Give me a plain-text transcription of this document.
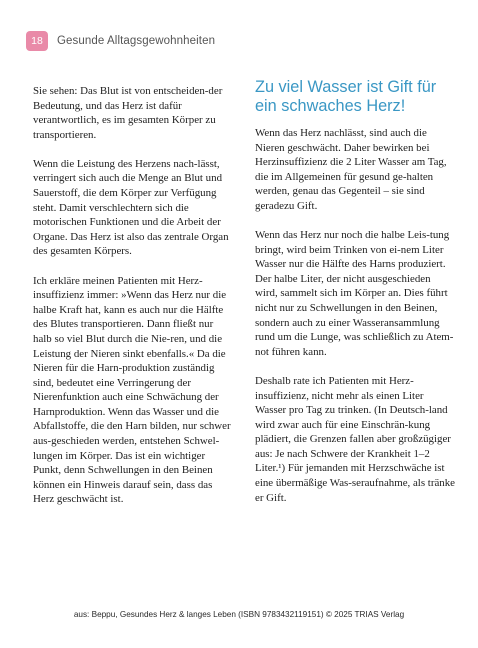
18 Gesunde Alltagsgewohnheiten

Sie sehen: Das Blut ist von entscheiden-der Bedeutung, und das Herz ist dafür verantwortlich, es im gesamten Körper zu transportieren.

Wenn die Leistung des Herzens nach-lässt, verringert sich auch die Menge an Blut und Sauerstoff, die dem Körper zur Verfügung steht. Damit verschlechtern sich die motorischen Funktionen und die Arbeit der Organe. Das Herz ist also das zentrale Organ des gesamten Körpers.

Ich erkläre meinen Patienten mit Herz-insuffizienz immer: »Wenn das Herz nur die halbe Kraft hat, kann es auch nur die Hälfte des Blutes transportieren. Dann fließt nur halb so viel Blut durch die Nie-ren, und die Leistung der Nieren sinkt ebenfalls.« Da die Nieren für die Harn-produktion zuständig sind, bedeutet eine Verringerung der Nierenfunktion auch eine Schwächung der Harnproduktion. Wenn das Wasser und die Abfallstoffe, die den Harn bilden, nur schwer aus-geschieden werden, entstehen Schwel-lungen im Körper. Das ist ein wichtiger Punkt, denn Schwellungen in den Beinen können ein Hinweis darauf sein, dass das Herz geschwächt ist.

Zu viel Wasser ist Gift für ein schwaches Herz!

Wenn das Herz nachlässt, sind auch die Nieren geschwächt. Daher bewirken bei Herzinsuffizienz die 2 Liter Wasser am Tag, die im Allgemeinen für gesund ge-halten werden, genau das Gegenteil – sie sind geradezu Gift.

Wenn das Herz nur noch die halbe Leis-tung bringt, wird beim Trinken von ei-nem Liter Wasser nur die Hälfte des Harns produziert. Der halbe Liter, der nicht ausgeschieden wird, sammelt sich im Körper an. Dies führt nicht nur zu Schwellungen in den Beinen, sondern auch zu einer Wasseransammlung rund um die Lunge, was schließlich zu Atem-not führen kann.

Deshalb rate ich Patienten mit Herz-insuffizienz, nicht mehr als einen Liter Wasser pro Tag zu trinken. (In Deutsch-land wird zwar auch für eine Einschrän-kung plädiert, die Grenzen fallen aber großzügiger aus: Je nach Schwere der Krankheit 1–2 Liter.¹) Für jemanden mit Herzschwäche ist eine übermäßige Was-seraufnahme, als tränke er Gift.

aus: Beppu, Gesundes Herz & langes Leben (ISBN 9783432119151) © 2025 TRIAS Verlag
